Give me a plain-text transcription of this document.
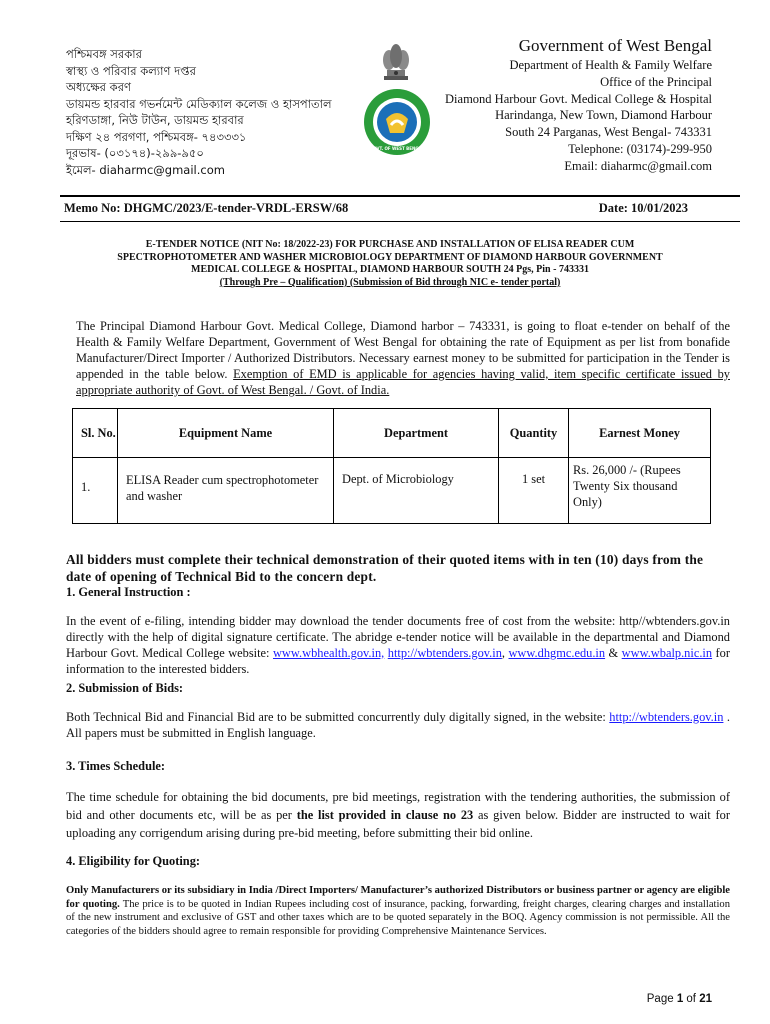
পশ্চিমবঙ্গ সরকার
স্বাস্থ্য ও পরিবার কল্যাণ দপ্তর
অধ্যক্ষের করণ
ডায়মন্ড হারবার গভর্নমেন্ট মেডিক্যাল কলেজ ও হাসপাতাল
হরিণডাঙ্গা, নিউ টাউন, ডায়মন্ড হারবার
দক্ষিণ ২৪ পরগণা, পশ্চিমবঙ্গ- ৭৪৩৩৩১
দূরভাষ- (০৩১৭৪)-২৯৯-৯৫০
ইমেল- diaharmc@gmail.com
GOVT. OF WEST BENGAL
Government of West Bengal
Department of Health & Family Welfare
Office of the Principal
Diamond Harbour Govt. Medical College & Hospital
Harindanga, New Town, Diamond Harbour
South 24 Parganas, West Bengal- 743331
Telephone: (03174)-299-950
Email: diaharmc@gmail.com
Memo No: DHGMC/2023/E-tender-VRDL-ERSW/68	Date: 10/01/2023
E-TENDER NOTICE (NIT No: 18/2022-23) FOR PURCHASE AND INSTALLATION OF ELISA READER CUM
SPECTROPHOTOMETER AND WASHER MICROBIOLOGY DEPARTMENT OF DIAMOND HARBOUR GOVERNMENT
MEDICAL COLLEGE & HOSPITAL, DIAMOND HARBOUR SOUTH 24 Pgs, Pin - 743331
(Through Pre – Qualification) (Submission of Bid through NIC e- tender portal)
The Principal Diamond Harbour Govt. Medical College, Diamond harbor – 743331, is going to float e-tender on behalf of the Health & Family Welfare Department, Government of West Bengal for obtaining the rate of Equipment as per list from bonafide Manufacturer/Direct Importer / Authorized Distributors. Necessary earnest money to be submitted for participation in the Tender is appended in the table below. Exemption of EMD is applicable for agencies having valid, item specific certificate issued by appropriate authority of Govt. of West Bengal. / Govt. of India.
Sl. No.	Equipment Name	Department	Quantity	Earnest Money
1.	ELISA Reader cum spectrophotometer and washer	Dept. of Microbiology	1 set	Rs. 26,000 /- (Rupees Twenty Six thousand Only)
All bidders must complete their technical demonstration of their quoted items with in ten (10) days from the date of opening of Technical Bid to the concern dept.
1. General Instruction :
In the event of e-filing, intending bidder may download the tender documents free of cost from the website: http//wbtenders.gov.in directly with the help of digital signature certificate. The abridge e-tender notice will be available in the departmental and Diamond Harbour Govt. Medical College website: www.wbhealth.gov.in, http://wbtenders.gov.in, www.dhgmc.edu.in & www.wbalp.nic.in for information to the interested bidders.
2. Submission of Bids:
Both Technical Bid and Financial Bid are to be submitted concurrently duly digitally signed, in the website: http://wbtenders.gov.in . All papers must be submitted in English language.
3. Times Schedule:
The time schedule for obtaining the bid documents, pre bid meetings, registration with the tendering authorities, the submission of bid and other documents etc, will be as per the list provided in clause no 23 as given below. Bidder are instructed to wait for uploading any corrigendum arising during pre-bid meeting, before submitting their bid online.
4. Eligibility for Quoting:
Only Manufacturers or its subsidiary in India /Direct Importers/ Manufacturer’s authorized Distributors or business partner or agency are eligible for quoting. The price is to be quoted in Indian Rupees including cost of insurance, packing, forwarding, freight charges, clearing charges and installation of the new instrument and exclusive of GST and other taxes which are to be quoted separately in the BOQ. Agency commission is not permissible. All the categories of the bidders should agree to remain responsible for providing Comprehensive Maintenance Services.
Page 1 of 21
